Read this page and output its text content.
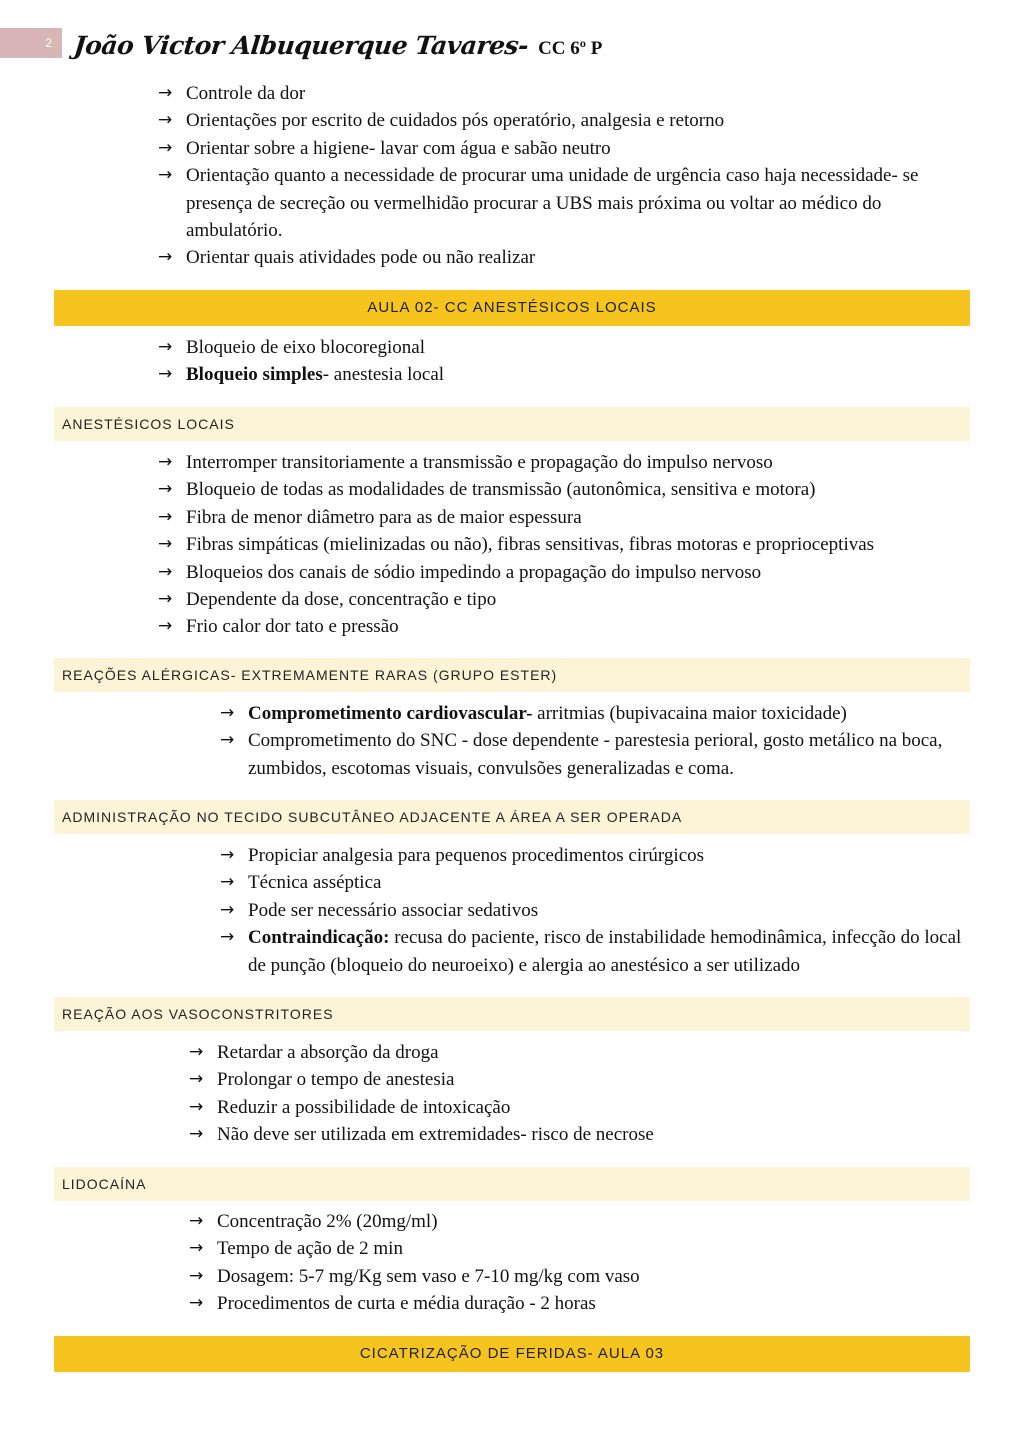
2 João Victor Albuquerque Tavares- CC 6º P
→ Controle da dor
→ Orientações por escrito de cuidados pós operatório, analgesia e retorno
→ Orientar sobre a higiene- lavar com água e sabão neutro
→ Orientação quanto a necessidade de procurar uma unidade de urgência caso haja necessidade- se presença de secreção ou vermelhidão procurar a UBS mais próxima ou voltar ao médico do ambulatório.
→ Orientar quais atividades pode ou não realizar
AULA 02- CC ANESTÉSICOS LOCAIS
→ Bloqueio de eixo blocoregional
→ Bloqueio simples- anestesia local
ANESTÉSICOS LOCAIS
→ Interromper transitoriamente a transmissão e propagação do impulso nervoso
→ Bloqueio de todas as modalidades de transmissão (autonômica, sensitiva e motora)
→ Fibra de menor diâmetro para as de maior espessura
→ Fibras simpáticas (mielinizadas ou não), fibras sensitivas, fibras motoras e proprioceptivas
→ Bloqueios dos canais de sódio impedindo a propagação do impulso nervoso
→ Dependente da dose, concentração e tipo
→ Frio calor dor tato e pressão
REAÇÕES ALÉRGICAS- EXTREMAMENTE RARAS (GRUPO ESTER)
→ Comprometimento cardiovascular- arritmias (bupivacaina maior toxicidade)
→ Comprometimento do SNC - dose dependente - parestesia perioral, gosto metálico na boca, zumbidos, escotomas visuais, convulsões generalizadas e coma.
ADMINISTRAÇÃO NO TECIDO SUBCUTÂNEO ADJACENTE A ÁREA A SER OPERADA
→ Propiciar analgesia para pequenos procedimentos cirúrgicos
→ Técnica asséptica
→ Pode ser necessário associar sedativos
→ Contraindicação: recusa do paciente, risco de instabilidade hemodinâmica, infecção do local de punção (bloqueio do neuroeixo) e alergia ao anestésico a ser utilizado
REAÇÃO AOS VASOCONSTRITORES
→ Retardar a absorção da droga
→ Prolongar o tempo de anestesia
→ Reduzir a possibilidade de intoxicação
→ Não deve ser utilizada em extremidades- risco de necrose
LIDOCAÍNA
→ Concentração 2% (20mg/ml)
→ Tempo de ação de 2 min
→ Dosagem: 5-7 mg/Kg sem vaso e 7-10 mg/kg com vaso
→ Procedimentos de curta e média duração - 2 horas
CICATRIZAÇÃO DE FERIDAS- AULA 03
